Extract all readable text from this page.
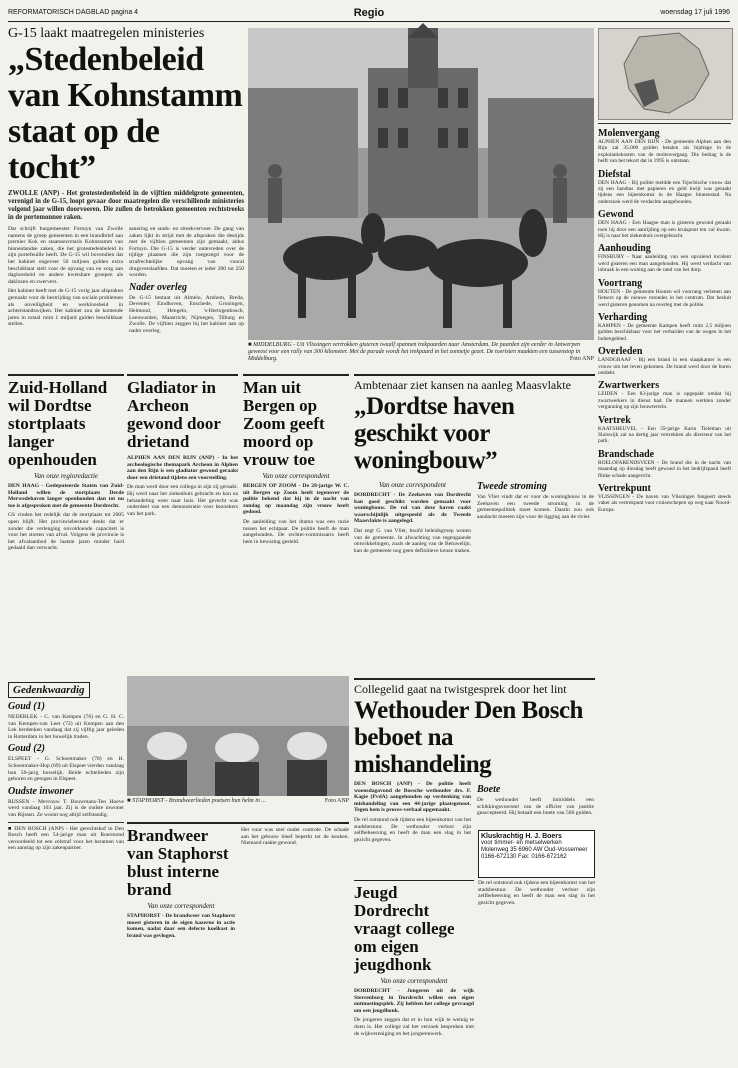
REFORMATORISCH DAGBLAD pagina 4	Regio	woensdag 17 juli 1996
G-15 laakt maatregelen ministeries
„Stedenbeleid van Kohnstamm staat op de tocht”
ZWOLLE (ANP) - Het grotestedenbeleid in de vijftien middelgrote gemeenten, verenigd in de G-15, loopt gevaar door maatregelen die verschillende ministeries volgend jaar willen doorvoeren. Die zullen de betrokken gemeenten rechtstreeks in de portemonnee raken.
Dat schrijft burgemeester Fortuyn van Zwolle namens de groep gemeenten in een brandbrief aan premier Kok en staatssecretaris Kohnstamm van binnenlandse zaken, die het grotestedenbeleid in zijn portefeuille heeft. De G-15 wil bovendien dat het kabinet ongeveer 50 miljoen gulden extra beschikbaar stelt voor de opvang van en zorg aan dagloosheid en andere kwetsbare groepen als daklozen en zwervers.
Het kabinet heeft met de G-15 vorig jaar afspraken gemaakt voor de bestrijding van sociale problemen als onveiligheid en werkloosheid in achterstandswijken. Het kabinet zou de komende jaren in totaal ruim 1 miljard gulden beschikbaar stellen.
sanering en stads- en streekvervoer. De gang van zaken lijkt in strijd met de afspraken die destijds met de vijftien gemeenten zijn gemaakt, aldus Fortuyn. Die G-15 is verder ontevreden over de tijdige plaatsen die zijn toegezegd voor de strafrechtelijke opvang van vooral drugsverslaafden. Dat moeten er ieder 200 tot 250 worden.
Nader overleg
De G-15 bestaat uit Almelo, Arnhem, Breda, Deventer, Eindhoven, Enschede, Groningen, Helmond, Hengelo, 's-Hertogenbosch, Leeuwarden, Maastricht, Nijmegen, Tilburg en Zwolle. De vijftien zeggen bij het kabinet aan op nader overleg.
■ MIDDELBURG - Uit Vlissingen vertrokken gisteren twaalf spannen trekpaarden naar Amsterdam. De paarden zijn eerder in Antwerpen geweest voor een rally van 300 kilometer. Met de parade wordt het trekpaard in het zonnetje gezet. De toeristen maakten een tussenstop in Middelburg.	Foto ANP
Molenvergang
ALPHEN AAN DEN RIJN - De gemeente Alphen aan den Rijn zal 35.000 gulden betalen als bijdrage in de exploitatiekosten van de molenvergang. Die bedrag is de helft van het tekort dat in 1995 is ontstaan.
Diefstal
DEN HAAG - Bij politie meldde een Tsjechische vrouw dat zij een handtas met papieren en geld kwijt was geraakt tijdens een bijeenkomst in de Haagse binnenstad. Na onderzoek werd de verdachte aangehouden.
Gewond
DEN HAAG - Een Haagse man is gisteren gewond geraakt toen hij door een aanrijding op een kruispunt ten val kwam. Hij is naar het ziekenhuis overgebracht.
Aanhouding
FINSBURY - Naar aanleiding van een opvalend incident werd gisteren een man aangehouden. Hij werd verdacht van inbraak in een woning aan de rand van het dorp.
Voortrang
HOUTEN - De gemeente Houten wil voorrang verlenen aan fietsers op de nieuwe rotondes in het centrum. Dat besluit werd gisteren genomen na overleg met de politie.
Verharding
KAMPEN - De gemeente Kampen heeft ruim 2,5 miljoen gulden beschikbaar voor het verharden van de wegen in het buitengebied.
Overleden
LANDGRAAF - Bij een brand in een slaapkamer is een vrouw om het leven gekomen. De brand werd door de buren ontdekt.
Zwartwerkers
LEIDEN - Een 83-jarige man is opgepakt omdat hij zwartwerkers in dienst had. De mannen werkten zonder vergunning op zijn bouwterrein.
Vertrek
KAATSHEUVEL - Een 59-jarige Karin Tieleman uit Sluiswijk zal na dertig jaar vertrekken als directeur van het park.
Brandschade
ROELOFARENDSVEEN - De brand die in de nacht van maandag op dinsdag heeft gewoed in het bedrijfspand heeft flinke schade aangericht.
Vertrekpunt
VLISSINGEN - De haven van Vlissingen fungeert steeds vaker als vertrekpunt voor cruiseschepen op weg naar Noord-Europa.
Zuid-Holland wil Dordtse stortplaats langer openhouden
Van onze regioredactie
DEN HAAG - Gedeputeerde Staten van Zuid-Holland willen de stortplaats Derde Merwedehaven langer openhouden dan tot nu toe is afgesproken met de gemeente Dordrecht.
GS vinden het redelijk dat de stortplaats tot 2005 open blijft. Het provinciebestuur denkt dat er zonder die verlenging onvoldoende capaciteit is voor het storten van afval. Volgens de provincie is het afvalaanbod de laatste jaren minder hard gedaald dan verwacht.
Gedenkwaardig
Goud (1)
NEDERLEK - C. van Kempen (76) en G. H. C. van Kempen-van Leer (72) uit Kempen aan den Lek herdenken vandaag dat zij vijftig jaar geleden in Rotterdam in het huwelijk traden.
Goud (2)
ELSPEET - G. Schoenmaker (78) en H. Schoenmaker-Hop (69) uit Elspeet vierden vandaag hun 50-jarig huwelijk. Beide echtelieden zijn geboren en getogen in Elspeet.
Oudste inwoner
RIJSSEN - Mevrouw T. Bouwmans-Ten Hoeve werd vandaag 103 jaar. Zij is de oudste inwoner van Rijssen. Ze woont nog altijd zelfstandig.
■ DEN BOSCH (ANP) - Het gerechtshof in Den Bosch heeft een 54-jarige man uit Roermond veroordeeld tot een celstraf voor het beramen van een aanslag op zijn zakenpartner.
Gladiator in Archeon gewond door drietand
ALPHEN AAN DEN RIJN (ANP) - In het archeologische themapark Archeon in Alphen aan den Rijn is een gladiator gewond geraakt door een drietand tijdens een voorstelling.
De man werd door een collega in zijn zij geraakt. Hij werd naar het ziekenhuis gebracht en kon na behandeling weer naar huis. Het gevecht was onderdeel van een demonstratie voor bezoekers van het park.
Man uit Bergen op Zoom geeft moord op vrouw toe
Van onze correspondent
BERGEN OP ZOOM - De 28-jarige W. C. uit Bergen op Zoom heeft tegenover de politie bekend dat hij in de nacht van zondag op maandag zijn vrouw heeft gedood.
De aanleiding van het drama was een ruzie tussen het echtpaar. De politie heeft de man aangehouden. De rechter-commissaris heeft hem in bewaring gesteld.
Ambtenaar ziet kansen na aanleg Maasvlakte
„Dordtse haven geschikt voor woningbouw”
Van onze correspondent
DORDRECHT - De Zeehaven van Dordrecht kan goed geschikt worden gemaakt voor woningbouw. De rol van deze haven raakt waarschijnlijk uitgespeeld als de Tweede Maasvlakte is aangelegd.
Dat zegt G. van Vliet, hoofd beleidsgroep wonen van de gemeente. In afwachting van tegengaande ontwikkelingen, zoals de aanleg van de Betuwelijn, kan de gemeente nog geen definitieve keuze maken.
Tweede stroming
Van Vliet vindt dat er voor de woningbouw in de Zeehaven een tweede stroming in de gemeentepolitiek moet komen. Daarin zou ook aandacht moeten zijn voor de ligging aan de rivier.
■ STAPHORST - Brandweerlieden poetsen hun helm in ...	Foto ANP
Brandweer van Staphorst blust interne brand
Van onze correspondent
STAPHORST - De brandweer van Staphorst moest gisteren in de eigen kazerne in actie komen, nadat daar een defecte koelkast in brand was gevlogen.
Het vuur was snel onder controle. De schade aan het gebouw bleef beperkt tot de keuken. Niemand raakte gewond.
Collegelid gaat na twistgesprek door het lint
Wethouder Den Bosch beboet na mishandeling
DEN BOSCH (ANP) - De politie heeft woensdagavond de Bossche wethouder drs. F. Kagie (PvdA) aangehouden op verdenking van mishandeling van een 44-jarige plaatsgenoot. Tegen hem is proces-verbaal opgemaakt.
De rel ontstond ook tijdens een bijeenkomst van het stadsbestuur. De wethouder verloor zijn zelfbeheersing en heeft de man een slag in het gezicht gegeven.
Boete
De wethouder heeft inmiddels een schikkingsvoorstel van de officier van justitie geaccepteerd. Hij betaalt een boete van 500 gulden.
Jeugd Dordrecht vraagt college om eigen jeugdhonk
Van onze correspondent
DORDRECHT - Jongeren uit de wijk Sterrenburg in Dordrecht willen een eigen ontmoetingsplek. Zij hebben het college gevraagd om een jeugdhonk.
De jongeren zeggen dat er in hun wijk te weinig te doen is. Het college zal het verzoek bespreken met de wijkvereniging en het jongerenwerk.
De rel ontstond ook tijdens een bijeenkomst van het stadsbestuur. De wethouder verloor zijn zelfbeheersing en heeft de man een slag in het gezicht gegeven.
Kluskrachtig H. J. Boers
voor timmer- en metselwerken
Molenweg 35 6960 AW Oud-Vossemeer
0166-672130 Fax: 0166-672162
